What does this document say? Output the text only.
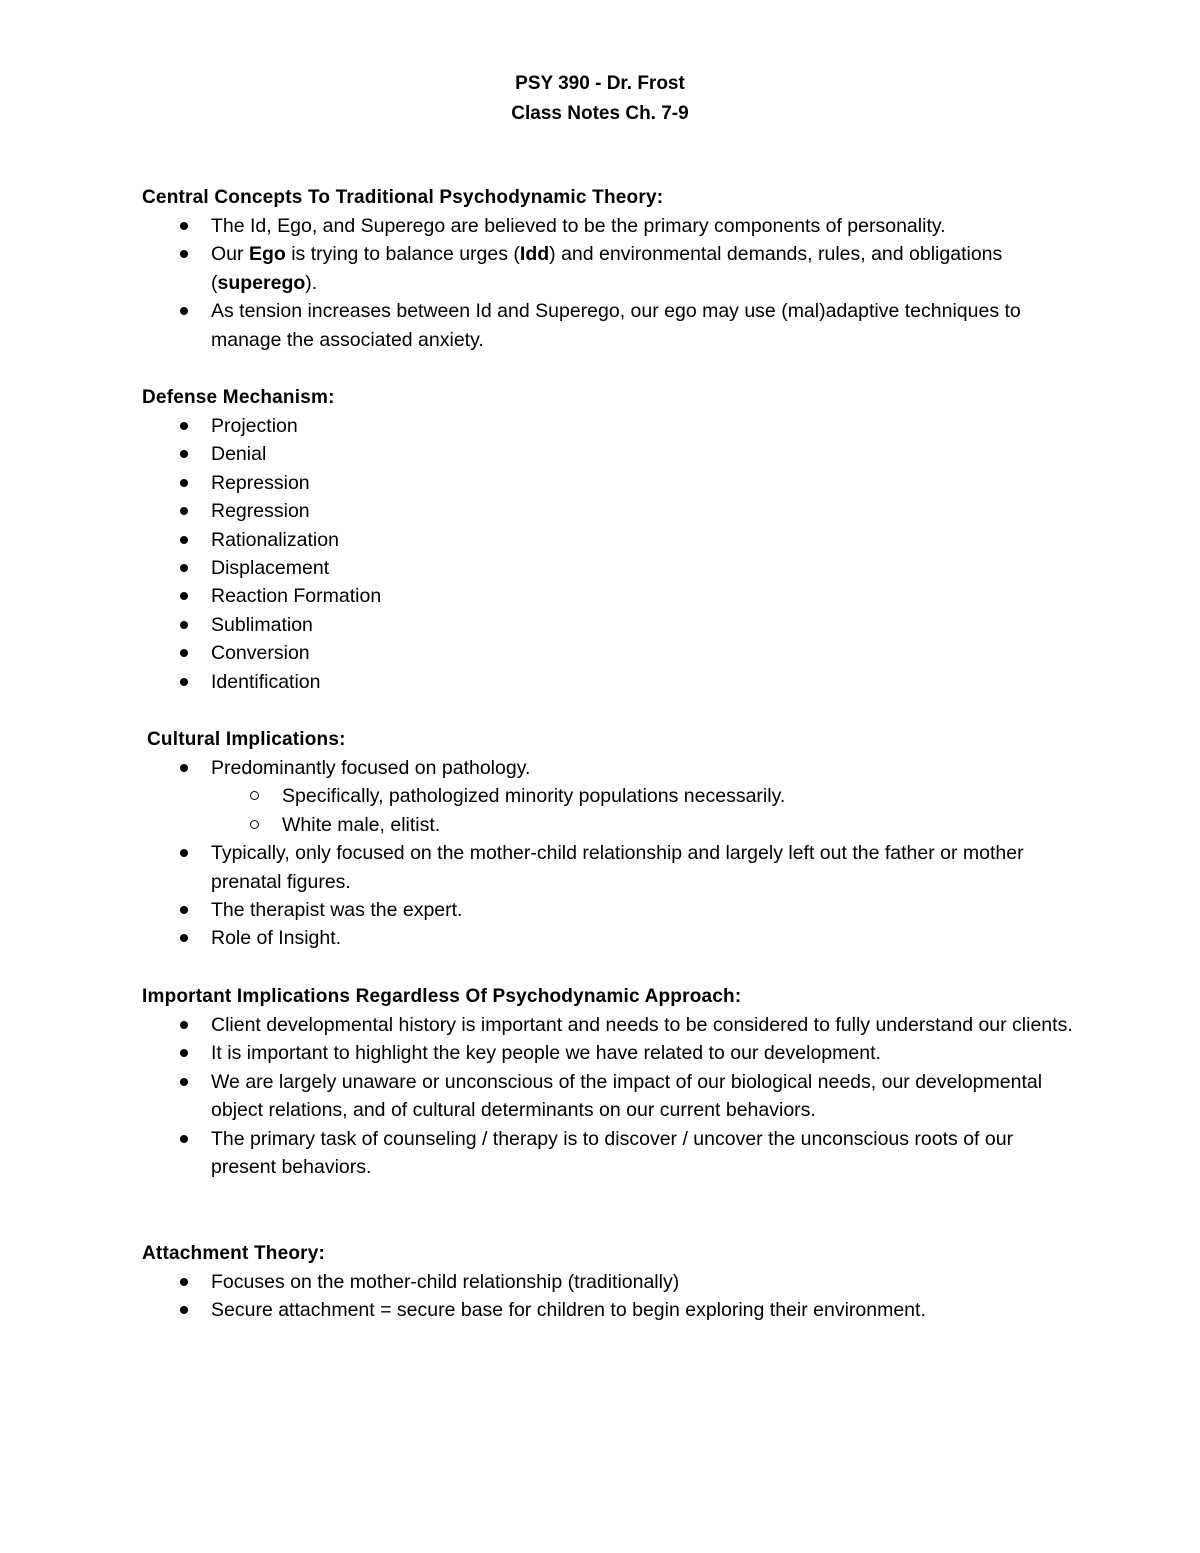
PSY 390 - Dr. Frost
Class Notes Ch. 7-9

Central Concepts To Traditional Psychodynamic Theory:

The Id, Ego, and Superego are believed to be the primary components of personality.
Our Ego is trying to balance urges (Idd) and environmental demands, rules, and obligations (superego).
As tension increases between Id and Superego, our ego may use (mal)adaptive techniques to manage the associated anxiety.

Defense Mechanism:

Projection
Denial
Repression
Regression
Rationalization
Displacement
Reaction Formation
Sublimation
Conversion
Identification

Cultural Implications:

Predominantly focused on pathology.
Specifically, pathologized minority populations necessarily.
White male, elitist.
Typically, only focused on the mother-child relationship and largely left out the father or mother prenatal figures.
The therapist was the expert.
Role of Insight.

Important Implications Regardless Of Psychodynamic Approach:

Client developmental history is important and needs to be considered to fully understand our clients.
It is important to highlight the key people we have related to our development.
We are largely unaware or unconscious of the impact of our biological needs, our developmental object relations, and of cultural determinants on our current behaviors.
The primary task of counseling / therapy is to discover / uncover the unconscious roots of our present behaviors.

Attachment Theory:

Focuses on the mother-child relationship (traditionally)
Secure attachment = secure base for children to begin exploring their environment.
